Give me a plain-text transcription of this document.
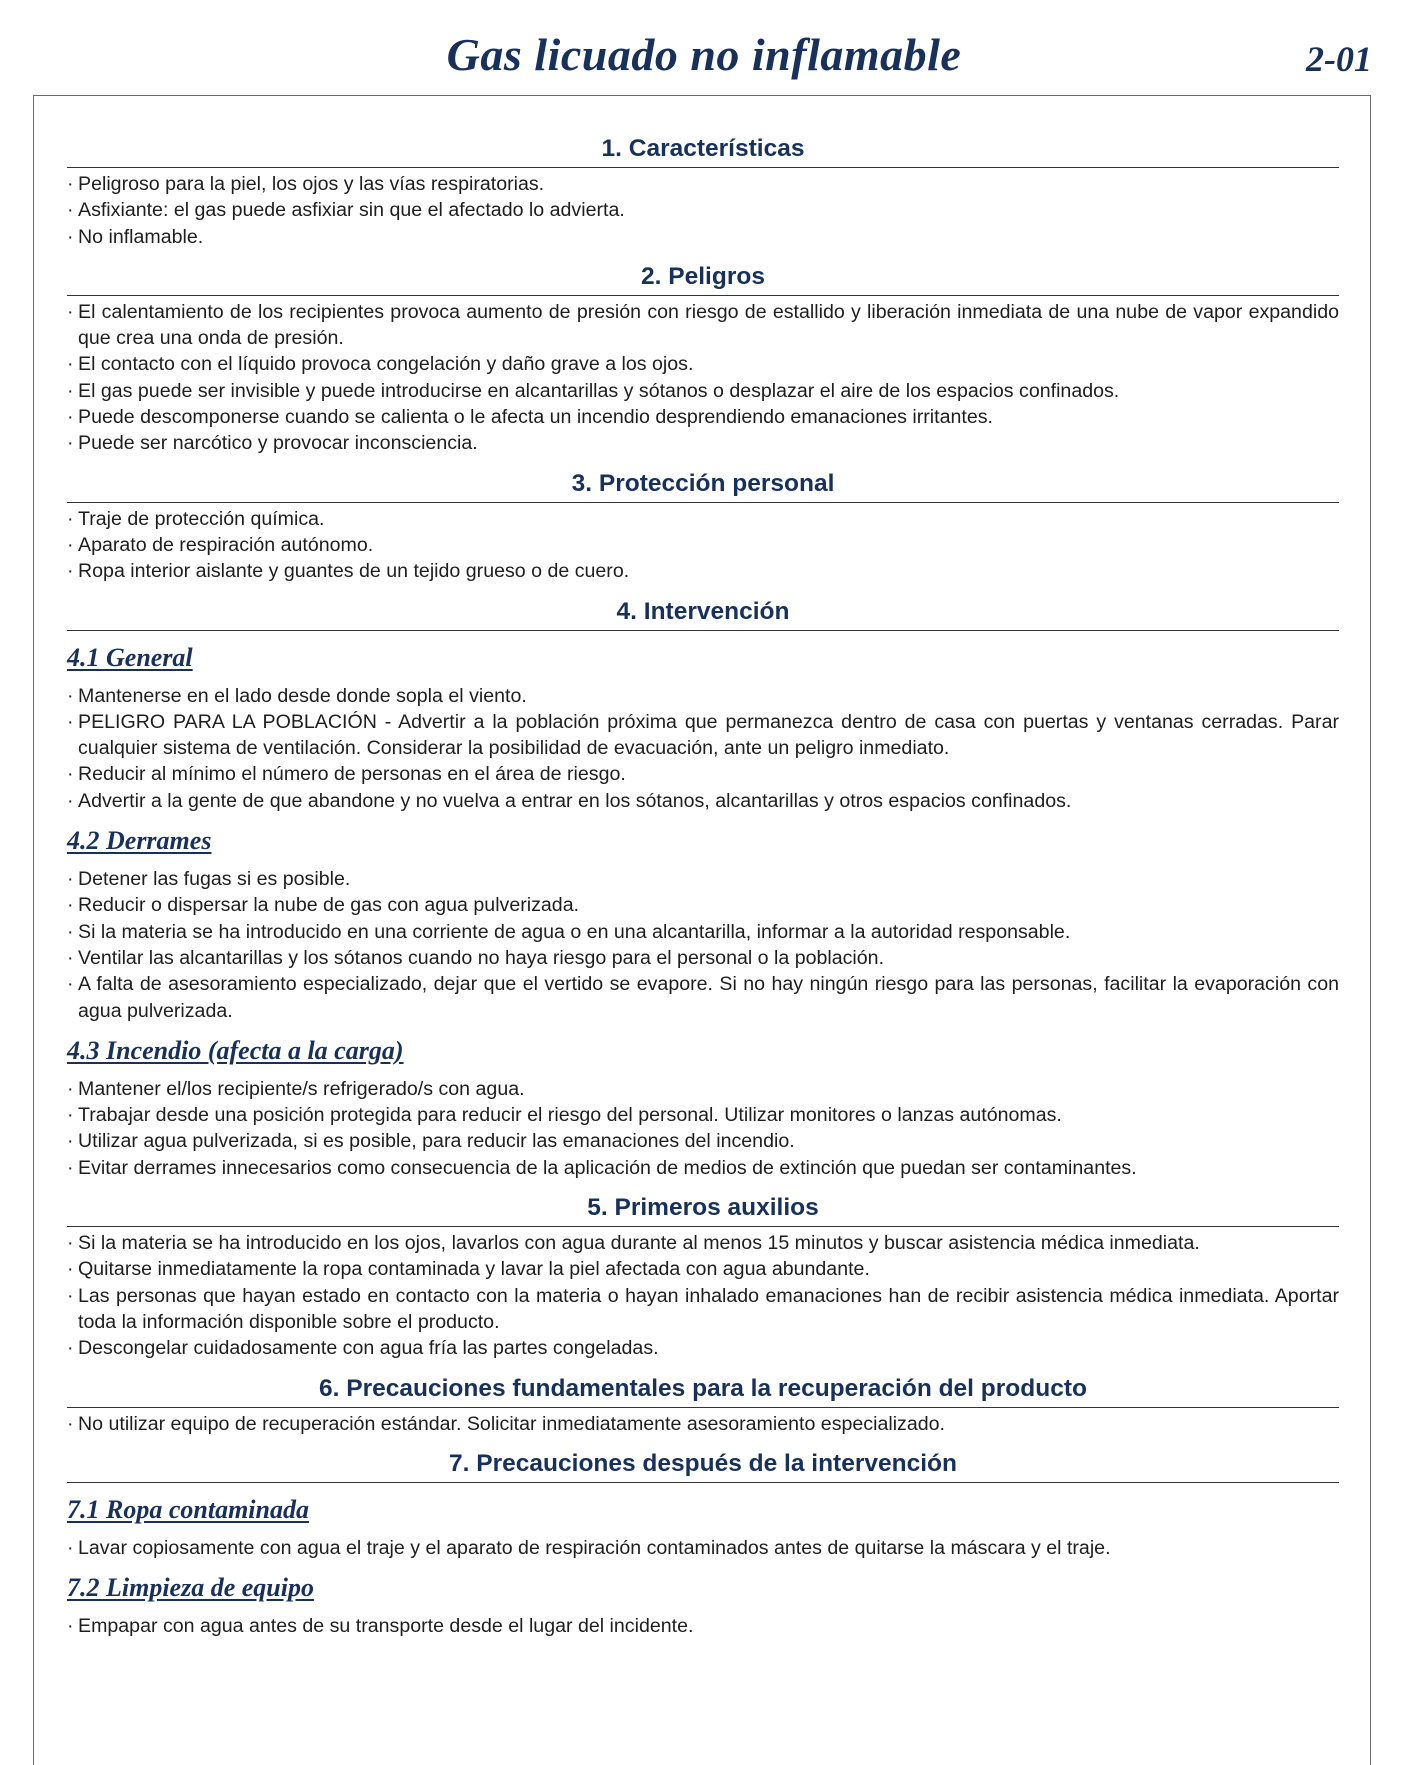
Gas licuado no inflamable	2-01
1. Características
· Peligroso para la piel, los ojos y las vías respiratorias.
· Asfixiante: el gas puede asfixiar sin que el afectado lo advierta.
· No inflamable.
2. Peligros
· El calentamiento de los recipientes provoca aumento de presión con riesgo de estallido y liberación inmediata de una nube de vapor expandido que crea una onda de presión.
· El contacto con el líquido provoca congelación y daño grave a los ojos.
· El gas puede ser invisible y puede introducirse en alcantarillas y sótanos o desplazar el aire de los espacios confinados.
· Puede descomponerse cuando se calienta o le afecta un incendio desprendiendo emanaciones irritantes.
· Puede ser narcótico y provocar inconsciencia.
3. Protección personal
· Traje de protección química.
· Aparato de respiración autónomo.
· Ropa interior aislante y guantes de un tejido grueso o de cuero.
4. Intervención
4.1 General
· Mantenerse en el lado desde donde sopla el viento.
· PELIGRO PARA LA POBLACIÓN - Advertir a la población próxima que permanezca dentro de casa con puertas y ventanas cerradas. Parar cualquier sistema de ventilación. Considerar la posibilidad de evacuación, ante un peligro inmediato.
· Reducir al mínimo el número de personas en el área de riesgo.
· Advertir a la gente de que abandone y no vuelva a entrar en los sótanos, alcantarillas y otros espacios confinados.
4.2 Derrames
· Detener las fugas si es posible.
· Reducir o dispersar la nube de gas con agua pulverizada.
· Si la materia se ha introducido en una corriente de agua o en una alcantarilla, informar a la autoridad responsable.
· Ventilar las alcantarillas y los sótanos cuando no haya riesgo para el personal o la población.
· A falta de asesoramiento especializado, dejar que el vertido se evapore. Si no hay ningún riesgo para las personas, facilitar la evaporación con agua pulverizada.
4.3 Incendio (afecta a la carga)
· Mantener el/los recipiente/s refrigerado/s con agua.
· Trabajar desde una posición protegida para reducir el riesgo del personal. Utilizar monitores o lanzas autónomas.
· Utilizar agua pulverizada, si es posible, para reducir las emanaciones del incendio.
· Evitar derrames innecesarios como consecuencia de la aplicación de medios de extinción que puedan ser contaminantes.
5. Primeros auxilios
· Si la materia se ha introducido en los ojos, lavarlos con agua durante al menos 15 minutos y buscar asistencia médica inmediata.
· Quitarse inmediatamente la ropa contaminada y lavar la piel afectada con agua abundante.
· Las personas que hayan estado en contacto con la materia o hayan inhalado emanaciones han de recibir asistencia médica inmediata. Aportar toda la información disponible sobre el producto.
· Descongelar cuidadosamente con agua fría las partes congeladas.
6. Precauciones fundamentales para la recuperación del producto
· No utilizar equipo de recuperación estándar. Solicitar inmediatamente asesoramiento especializado.
7. Precauciones después de la intervención
7.1 Ropa contaminada
· Lavar copiosamente con agua el traje y el aparato de respiración contaminados antes de quitarse la máscara y el traje.
7.2 Limpieza de equipo
· Empapar con agua antes de su transporte desde el lugar del incidente.
